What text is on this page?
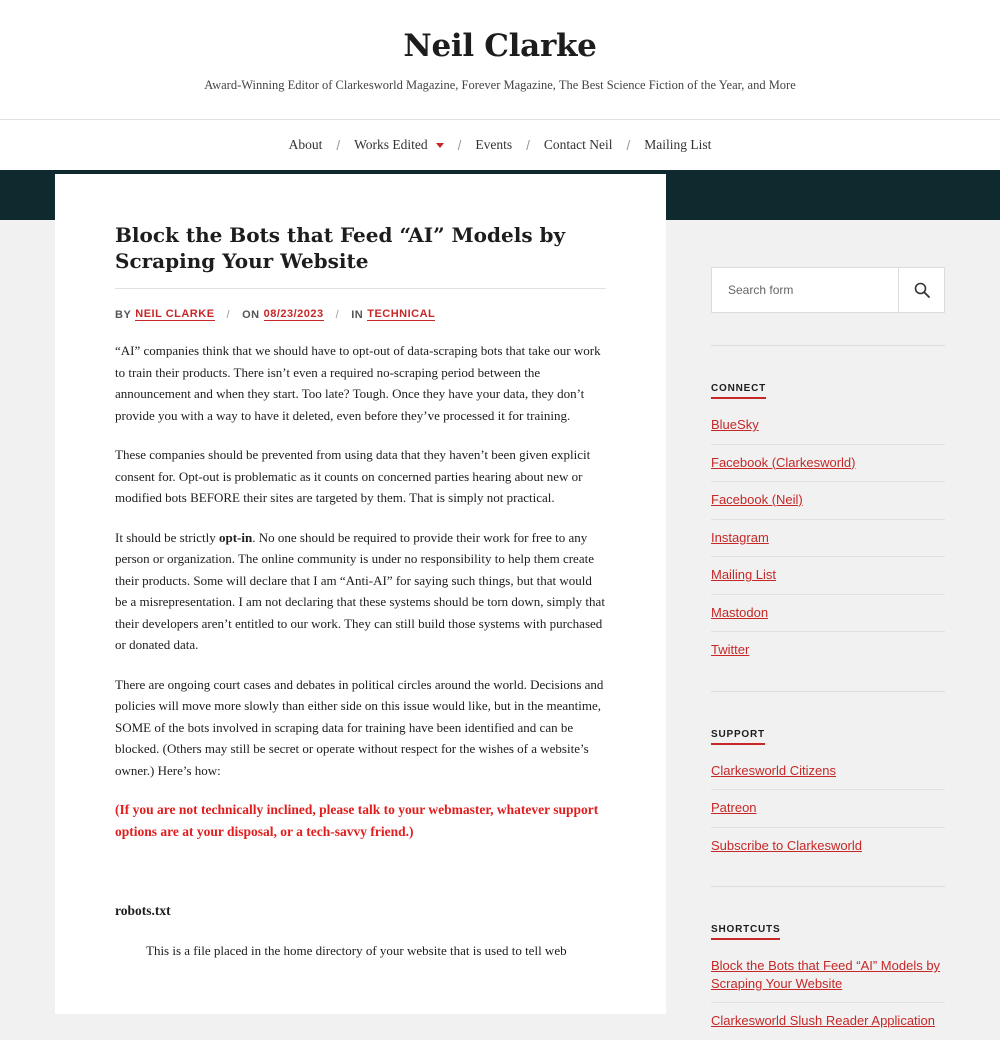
Neil Clarke
Award-Winning Editor of Clarkesworld Magazine, Forever Magazine, The Best Science Fiction of the Year, and More
About / Works Edited / Events / Contact Neil / Mailing List
Block the Bots that Feed “AI” Models by Scraping Your Website
BY NEIL CLARKE / ON 08/23/2023 / IN TECHNICAL

“AI” companies think that we should have to opt-out of data-scraping bots that take our work to train their products. There isn’t even a required no-scraping period between the announcement and when they start. Too late? Tough. Once they have your data, they don’t provide you with a way to have it deleted, even before they’ve processed it for training.

These companies should be prevented from using data that they haven’t been given explicit consent for. Opt-out is problematic as it counts on concerned parties hearing about new or modified bots BEFORE their sites are targeted by them. That is simply not practical.

It should be strictly opt-in. No one should be required to provide their work for free to any person or organization. The online community is under no responsibility to help them create their products. Some will declare that I am “Anti-AI” for saying such things, but that would be a misrepresentation. I am not declaring that these systems should be torn down, simply that their developers aren’t entitled to our work. They can still build those systems with purchased or donated data.

There are ongoing court cases and debates in political circles around the world. Decisions and policies will move more slowly than either side on this issue would like, but in the meantime, SOME of the bots involved in scraping data for training have been identified and can be blocked. (Others may still be secret or operate without respect for the wishes of a website’s owner.) Here’s how:

(If you are not technically inclined, please talk to your webmaster, whatever support options are at your disposal, or a tech-savvy friend.)

robots.txt

This is a file placed in the home directory of your website that is used to tell web

Search form
CONNECT
BlueSky
Facebook (Clarkesworld)
Facebook (Neil)
Instagram
Mailing List
Mastodon
Twitter
SUPPORT
Clarkesworld Citizens
Patreon
Subscribe to Clarkesworld
SHORTCUTS
Block the Bots that Feed “AI” Models by Scraping Your Website
Clarkesworld Slush Reader Application
